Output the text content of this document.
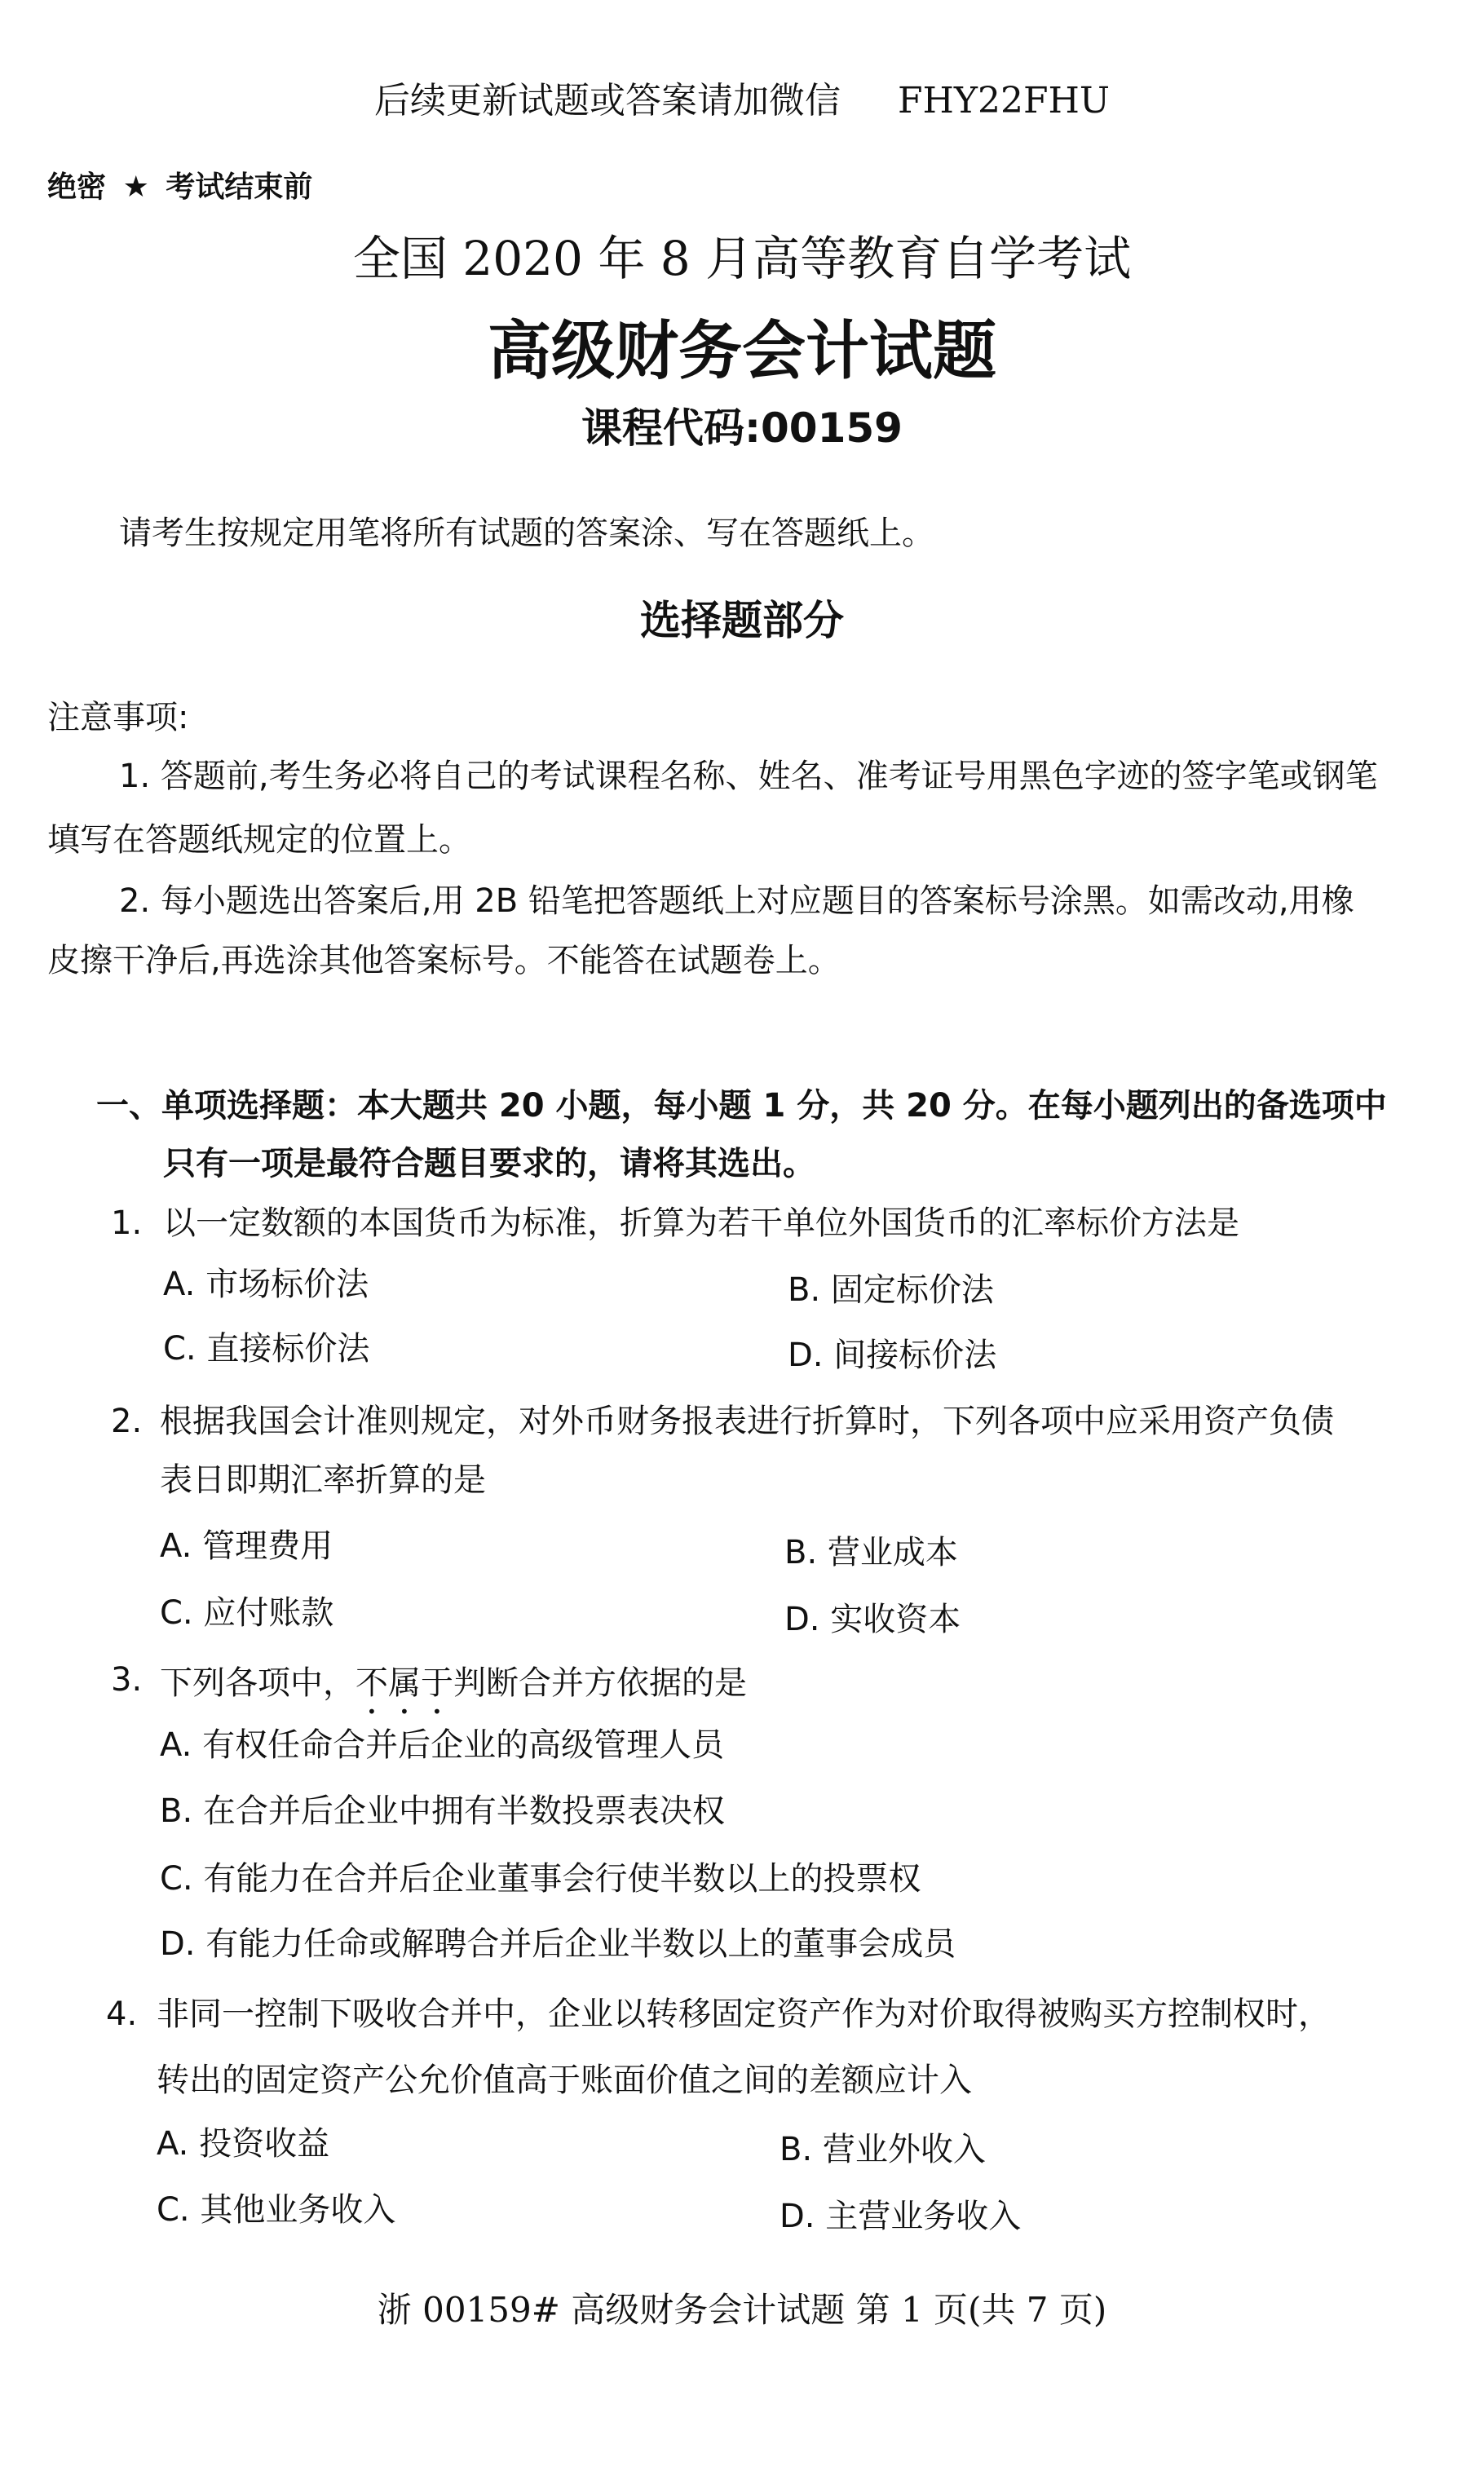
后续更新试题或答案请加微信 FHY22FHU
绝密 ★ 考试结束前
全国 2020 年 8 月高等教育自学考试
高级财务会计试题
课程代码:00159
请考生按规定用笔将所有试题的答案涂、写在答题纸上。
选择题部分
注意事项:
1. 答题前,考生务必将自己的考试课程名称、姓名、准考证号用黑色字迹的签字笔或钢笔
填写在答题纸规定的位置上。
2. 每小题选出答案后,用 2B 铅笔把答题纸上对应题目的答案标号涂黑。如需改动,用橡
皮擦干净后,再选涂其他答案标号。不能答在试题卷上。
一、单项选择题：本大题共 20 小题，每小题 1 分，共 20 分。在每小题列出的备选项中
只有一项是最符合题目要求的，请将其选出。
1. 以一定数额的本国货币为标准，折算为若干单位外国货币的汇率标价方法是
A. 市场标价法	B. 固定标价法
C. 直接标价法	D. 间接标价法
2. 根据我国会计准则规定，对外币财务报表进行折算时，下列各项中应采用资产负债
表日即期汇率折算的是
A. 管理费用	B. 营业成本
C. 应付账款	D. 实收资本
3. 下列各项中，不属于判断合并方依据的是
A. 有权任命合并后企业的高级管理人员
B. 在合并后企业中拥有半数投票表决权
C. 有能力在合并后企业董事会行使半数以上的投票权
D. 有能力任命或解聘合并后企业半数以上的董事会成员
4. 非同一控制下吸收合并中，企业以转移固定资产作为对价取得被购买方控制权时，
转出的固定资产公允价值高于账面价值之间的差额应计入
A. 投资收益	B. 营业外收入
C. 其他业务收入	D. 主营业务收入
浙 00159# 高级财务会计试题 第 1 页(共 7 页)
